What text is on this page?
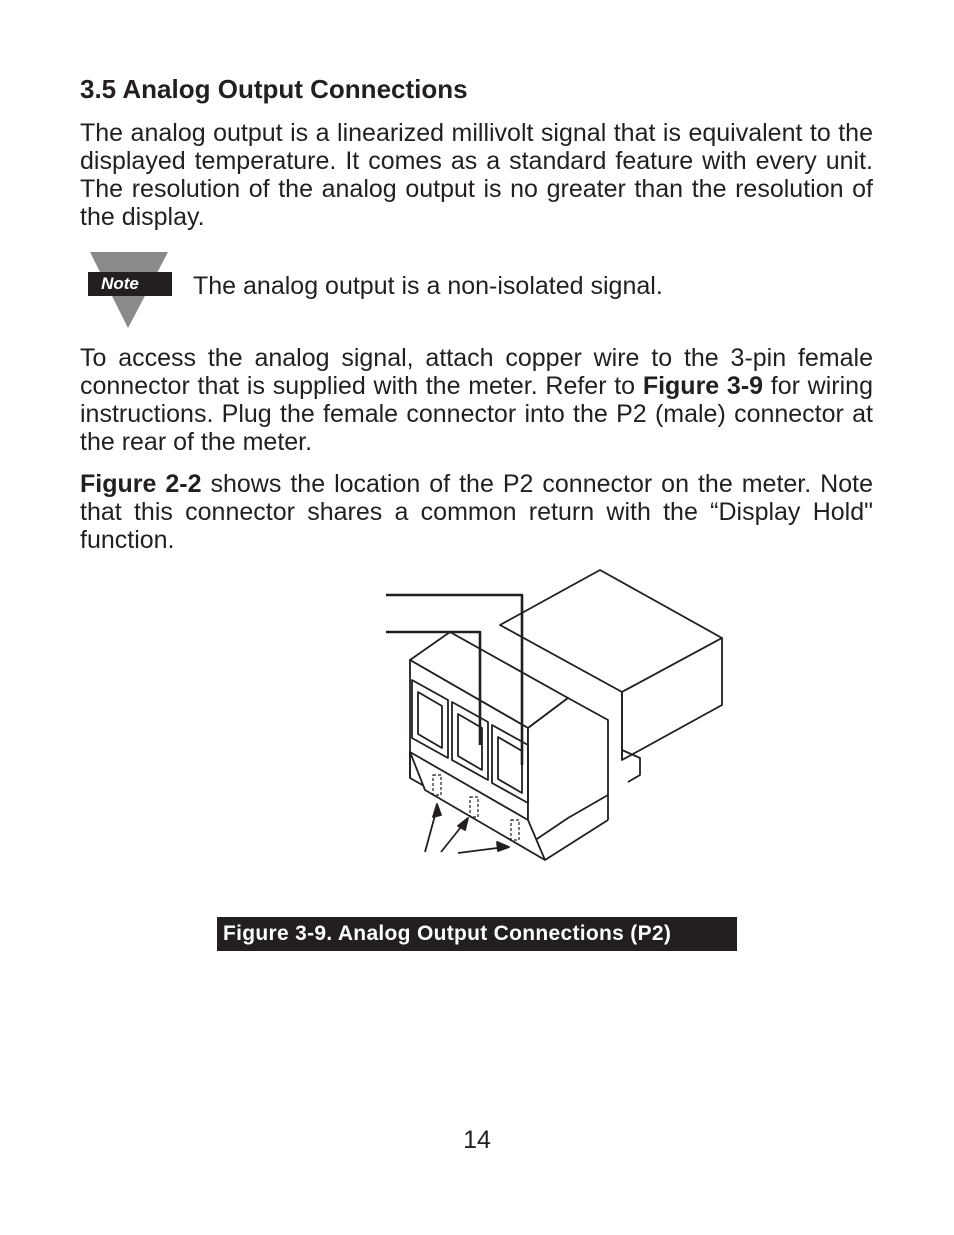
3.5 Analog Output Connections

The analog output is a linearized millivolt signal that is equivalent to the displayed temperature. It comes as a standard feature with every unit. The resolution of the analog output is no greater than the resolution of the display.

Note The analog output is a non-isolated signal.

To access the analog signal, attach copper wire to the 3-pin female connector that is supplied with the meter. Refer to Figure 3-9 for wiring instructions. Plug the female connector into the P2 (male) connector at the rear of the meter.

Figure 2-2 shows the location of the P2 connector on the meter. Note that this connector shares a common return with the “Display Hold" function.

Figure 3-9. Analog Output Connections (P2)
14
